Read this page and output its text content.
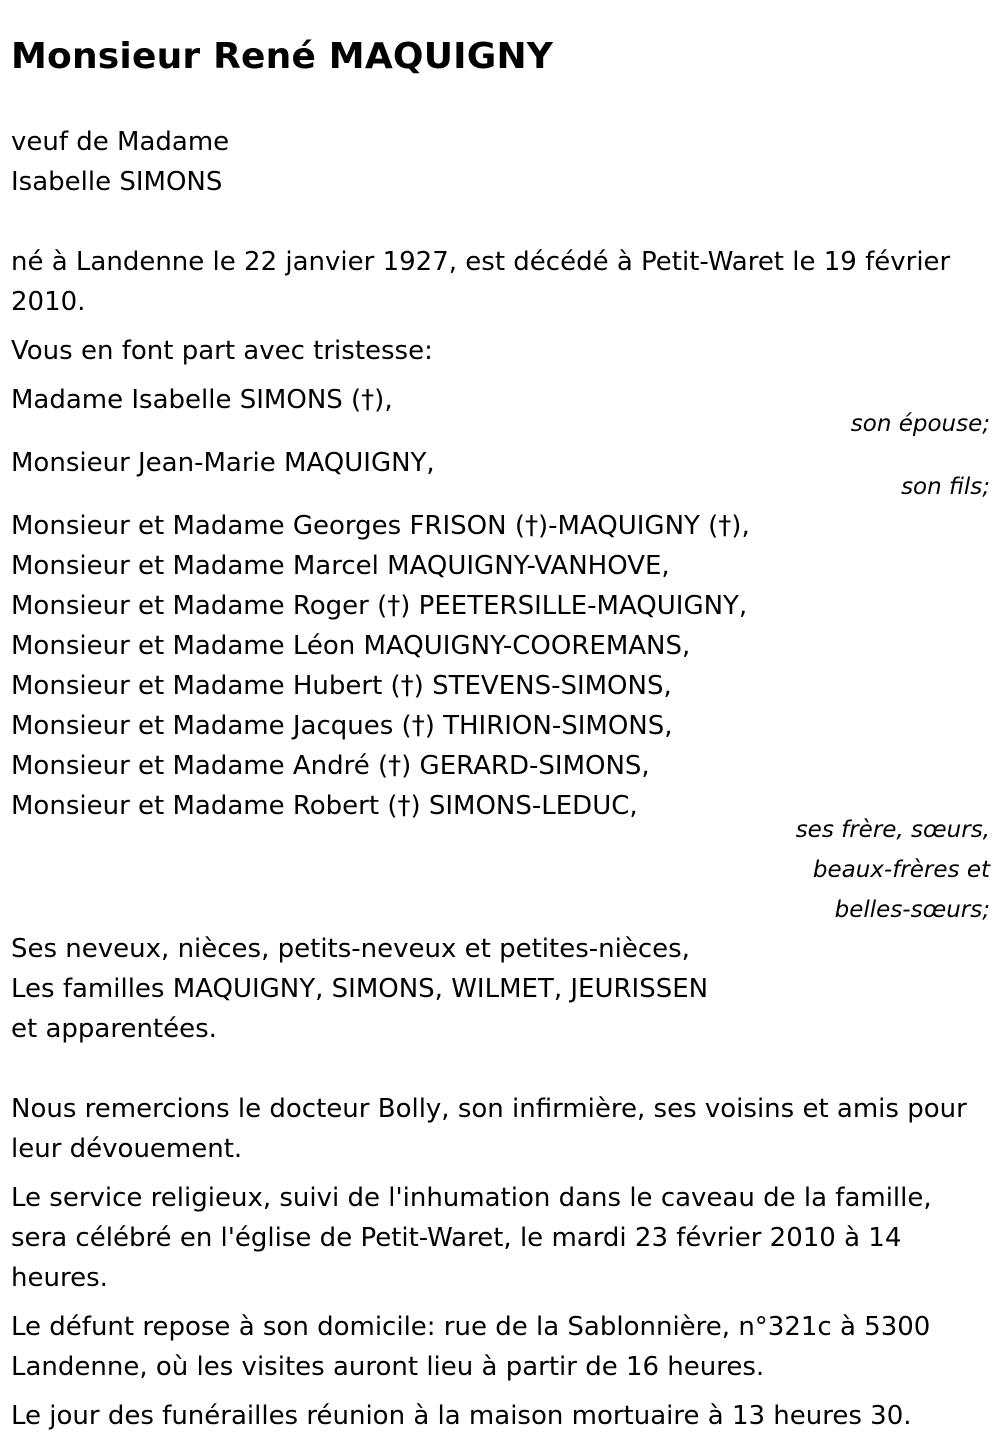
Monsieur René MAQUIGNY

veuf de Madame

Isabelle SIMONS

né à Landenne le 22 janvier 1927, est décédé à Petit-Waret le 19 février

2010.

Vous en font part avec tristesse:

Madame Isabelle SIMONS (†),

son épouse;

Monsieur Jean-Marie MAQUIGNY,

son fils;

Monsieur et Madame Georges FRISON (†)-MAQUIGNY (†),

Monsieur et Madame Marcel MAQUIGNY-VANHOVE,

Monsieur et Madame Roger (†) PEETERSILLE-MAQUIGNY,

Monsieur et Madame Léon MAQUIGNY-COOREMANS,

Monsieur et Madame Hubert (†) STEVENS-SIMONS,

Monsieur et Madame Jacques (†) THIRION-SIMONS,

Monsieur et Madame André (†) GERARD-SIMONS,

Monsieur et Madame Robert (†) SIMONS-LEDUC,

ses frère, sœurs,

beaux-frères et

belles-sœurs;

Ses neveux, nièces, petits-neveux et petites-nièces,

Les familles MAQUIGNY, SIMONS, WILMET, JEURISSEN

et apparentées.

Nous remercions le docteur Bolly, son infirmière, ses voisins et amis pour

leur dévouement.

Le service religieux, suivi de l'inhumation dans le caveau de la famille,

sera célébré en l'église de Petit-Waret, le mardi 23 février 2010 à 14

heures.

Le défunt repose à son domicile: rue de la Sablonnière, n°321c à 5300

Landenne, où les visites auront lieu à partir de 16 heures.

Le jour des funérailles réunion à la maison mortuaire à 13 heures 30.
